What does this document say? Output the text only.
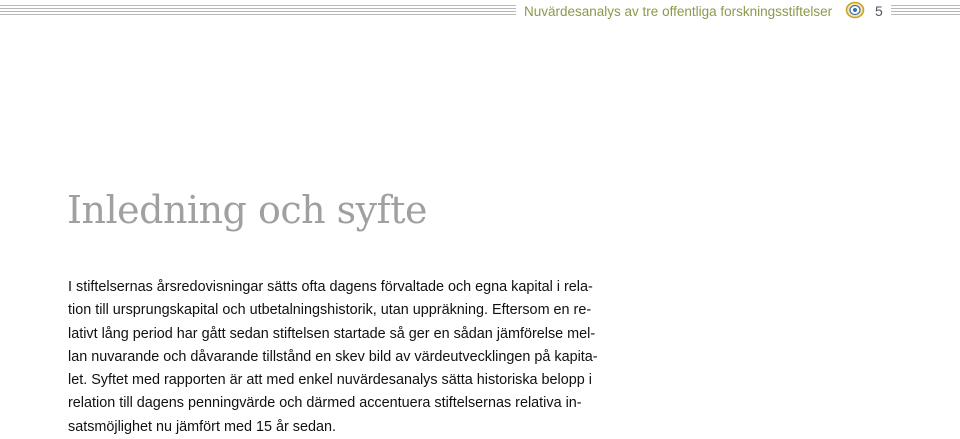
Nuvärdesanalys av tre offentliga forskningsstiftelser	5
Inledning och syfte
I stiftelsernas årsredovisningar sätts ofta dagens förvaltade och egna kapital i rela-
tion till ursprungskapital och utbetalningshistorik, utan uppräkning. Eftersom en re-
lativt lång period har gått sedan stiftelsen startade så ger en sådan jämförelse mel-
lan nuvarande och dåvarande tillstånd en skev bild av värdeutvecklingen på kapita-
let. Syftet med rapporten är att med enkel nuvärdesanalys sätta historiska belopp i
relation till dagens penningvärde och därmed accentuera stiftelsernas relativa in-
satsmöjlighet nu jämfört med 15 år sedan.
